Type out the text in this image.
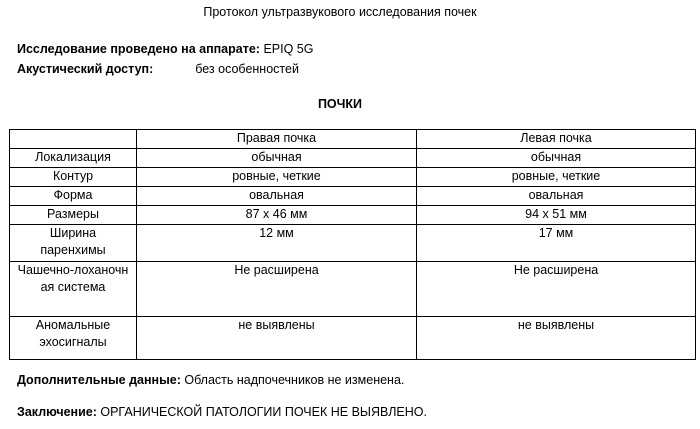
Протокол ультразвукового исследования почек
Исследование проведено на аппарате: EPIQ 5G
Акустический доступ:	без особенностей
ПОЧКИ
	Правая почка	Левая почка
Локализация	обычная	обычная
Контур	ровные, четкие	ровные, четкие
Форма	овальная	овальная
Размеры	87 х 46 мм	94 х 51 мм

Ширина
паренхимы	12 мм	17 мм

Чашечно-лоханочн
ая система	Не расширена	Не расширена

Аномальные
эхосигналы	не выявлены	не выявлены
Дополнительные данные: Область надпочечников не изменена.
Заключение: ОРГАНИЧЕСКОЙ ПАТОЛОГИИ ПОЧЕК НЕ ВЫЯВЛЕНО.
